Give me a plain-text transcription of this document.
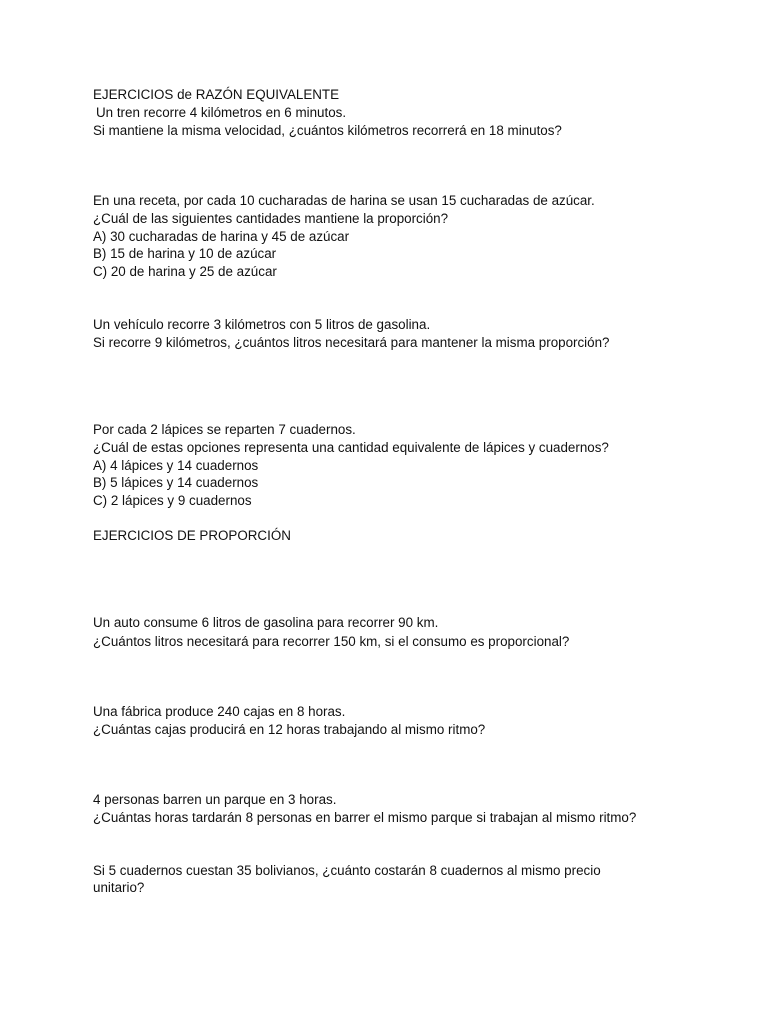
EJERCICIOS de RAZÓN EQUIVALENTE
Un tren recorre 4 kilómetros en 6 minutos.
Si mantiene la misma velocidad, ¿cuántos kilómetros recorrerá en 18 minutos?
En una receta, por cada 10 cucharadas de harina se usan 15 cucharadas de azúcar.
¿Cuál de las siguientes cantidades mantiene la proporción?
A) 30 cucharadas de harina y 45 de azúcar
B) 15 de harina y 10 de azúcar
C) 20 de harina y 25 de azúcar
Un vehículo recorre 3 kilómetros con 5 litros de gasolina.
Si recorre 9 kilómetros, ¿cuántos litros necesitará para mantener la misma proporción?
Por cada 2 lápices se reparten 7 cuadernos.
¿Cuál de estas opciones representa una cantidad equivalente de lápices y cuadernos?
A) 4 lápices y 14 cuadernos
B) 5 lápices y 14 cuadernos
C) 2 lápices y 9 cuadernos
EJERCICIOS DE PROPORCIÓN
Un auto consume 6 litros de gasolina para recorrer 90 km.
¿Cuántos litros necesitará para recorrer 150 km, si el consumo es proporcional?
Una fábrica produce 240 cajas en 8 horas.
¿Cuántas cajas producirá en 12 horas trabajando al mismo ritmo?
4 personas barren un parque en 3 horas.
¿Cuántas horas tardarán 8 personas en barrer el mismo parque si trabajan al mismo ritmo?
Si 5 cuadernos cuestan 35 bolivianos, ¿cuánto costarán 8 cuadernos al mismo precio
unitario?
